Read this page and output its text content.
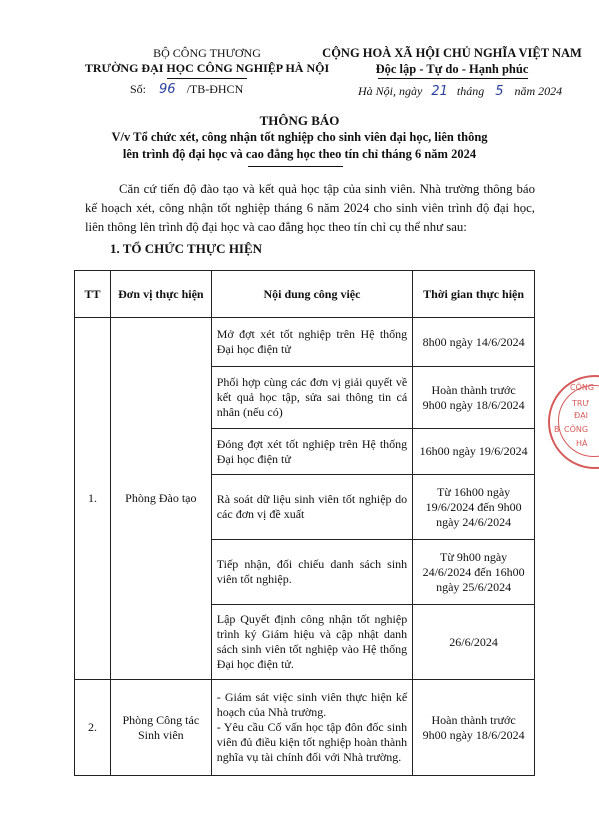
BỘ CÔNG THƯƠNG
TRƯỜNG ĐẠI HỌC CÔNG NGHIỆP HÀ NỘI
Số: 96 /TB-ĐHCN
CỘNG HOÀ XÃ HỘI CHỦ NGHĨA VIỆT NAM
Độc lập - Tự do - Hạnh phúc
Hà Nội, ngày 21 tháng 5 năm 2024
THÔNG BÁO
V/v Tổ chức xét, công nhận tốt nghiệp cho sinh viên đại học, liên thông
lên trình độ đại học và cao đẳng học theo tín chỉ tháng 6 năm 2024
Căn cứ tiến độ đào tạo và kết quả học tập của sinh viên. Nhà trường thông báo kế hoạch xét, công nhận tốt nghiệp tháng 6 năm 2024 cho sinh viên trình độ đại học, liên thông lên trình độ đại học và cao đẳng học theo tín chỉ cụ thể như sau:
1. TỔ CHỨC THỰC HIỆN
TT	Đơn vị thực hiện	Nội dung công việc	Thời gian thực hiện
1.	Phòng Đào tạo	Mở đợt xét tốt nghiệp trên Hệ thống Đại học điện tử	8h00 ngày 14/6/2024
		Phối hợp cùng các đơn vị giải quyết về kết quả học tập, sửa sai thông tin cá nhân (nếu có)	Hoàn thành trước 9h00 ngày 18/6/2024
		Đóng đợt xét tốt nghiệp trên Hệ thống Đại học điện tử	16h00 ngày 19/6/2024
		Rà soát dữ liệu sinh viên tốt nghiệp do các đơn vị đề xuất	Từ 16h00 ngày 19/6/2024 đến 9h00 ngày 24/6/2024
		Tiếp nhận, đối chiếu danh sách sinh viên tốt nghiệp.	Từ 9h00 ngày 24/6/2024 đến 16h00 ngày 25/6/2024
		Lập Quyết định công nhận tốt nghiệp trình ký Giám hiệu và cập nhật danh sách sinh viên tốt nghiệp vào Hệ thống Đại học điện tử.	26/6/2024
2.	Phòng Công tác Sinh viên	- Giám sát việc sinh viên thực hiện kế hoạch của Nhà trường.
- Yêu cầu Cố vấn học tập đôn đốc sinh viên đủ điều kiện tốt nghiệp hoàn thành nghĩa vụ tài chính đối với Nhà trường.	Hoàn thành trước 9h00 ngày 18/6/2024
CÔNG
TRƯ
ĐẠI
B CÔNG
HÀ
